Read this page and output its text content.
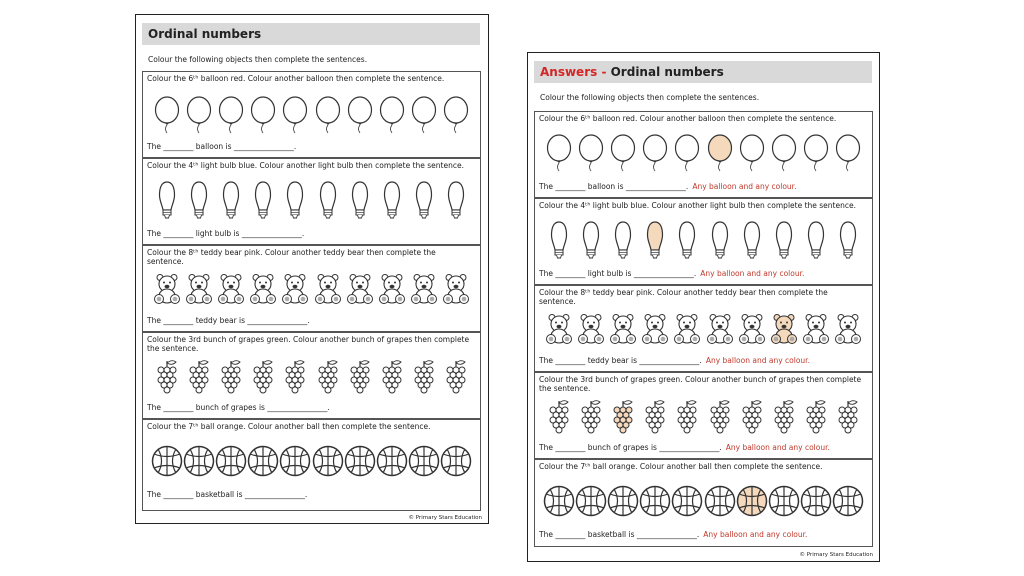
Ordinal numbers
Colour the following objects then complete the sentences.
Colour the 6ᵗʰ balloon red. Colour another balloon then complete the sentence.
The ________ balloon is ________________.
Colour the 4ᵗʰ light bulb blue. Colour another light bulb then complete the sentence.
The ________ light bulb is ________________.
Colour the 8ᵗʰ teddy bear pink. Colour another teddy bear then complete the sentence.
The ________ teddy bear is ________________.
Colour the 3rd bunch of grapes green. Colour another bunch of grapes then complete the sentence.
The ________ bunch of grapes is ________________.
Colour the 7ᵗʰ ball orange. Colour another ball then complete the sentence.
The ________ basketball is ________________.
© Primary Stars Education
Answers - Ordinal numbers
Colour the following objects then complete the sentences.
Colour the 6ᵗʰ balloon red. Colour another balloon then complete the sentence.
The ________ balloon is ________________. Any balloon and any colour.
Colour the 4ᵗʰ light bulb blue. Colour another light bulb then complete the sentence.
The ________ light bulb is ________________. Any balloon and any colour.
Colour the 8ᵗʰ teddy bear pink. Colour another teddy bear then complete the sentence.
The ________ teddy bear is ________________. Any balloon and any colour.
Colour the 3rd bunch of grapes green. Colour another bunch of grapes then complete the sentence.
The ________ bunch of grapes is ________________. Any balloon and any colour.
Colour the 7ᵗʰ ball orange. Colour another ball then complete the sentence.
The ________ basketball is ________________. Any balloon and any colour.
© Primary Stars Education
